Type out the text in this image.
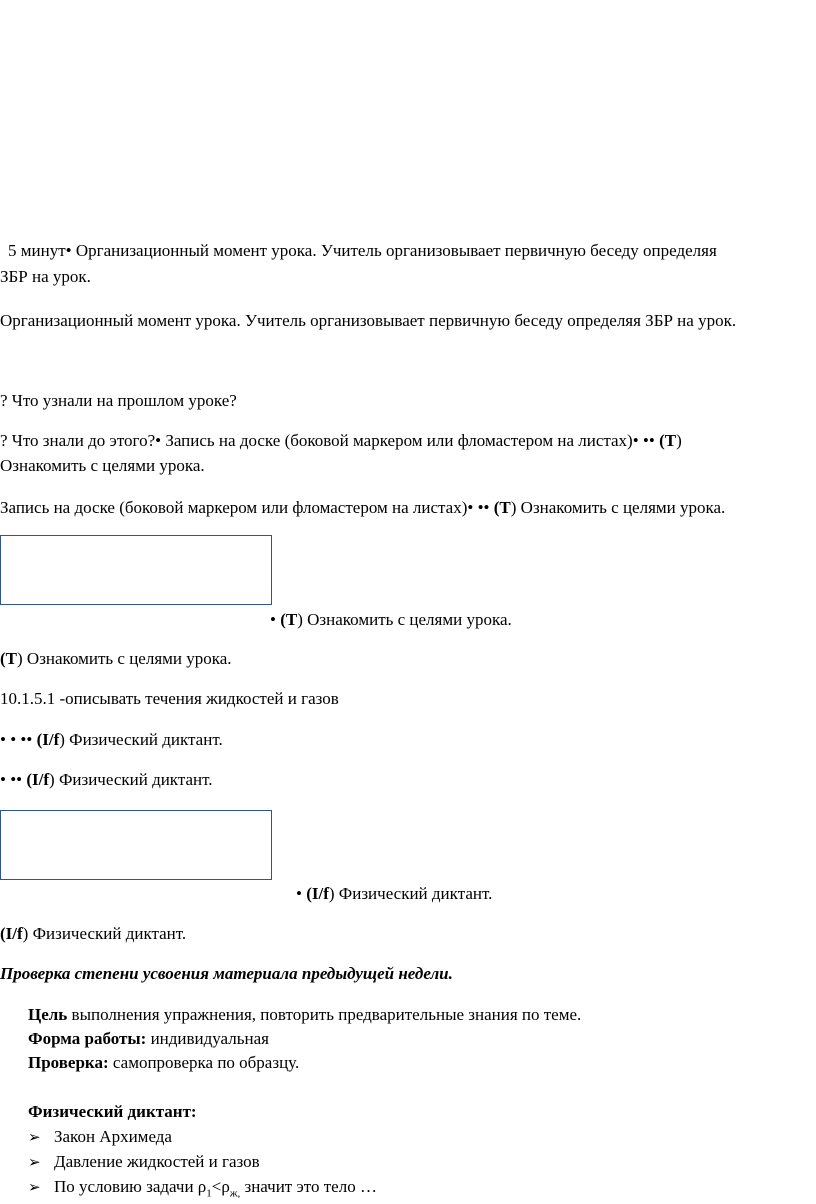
5 минут• Организационный момент урока. Учитель организовывает первичную беседу определяя
ЗБР на урок.
Организационный момент урока. Учитель организовывает первичную беседу определяя ЗБР на урок.
? Что узнали на прошлом уроке?
? Что знали до этого?• Запись на доске (боковой маркером или фломастером на листах)• •• (Т)
Ознакомить с целями урока.
Запись на доске (боковой маркером или фломастером на листах)• •• (Т) Ознакомить с целями урока.
• (Т) Ознакомить с целями урока.
(Т) Ознакомить с целями урока.
10.1.5.1 -описывать течения жидкостей и газов
• • •• (I/f) Физический диктант.
• •• (I/f) Физический диктант.
• (I/f) Физический диктант.
(I/f) Физический диктант.
Проверка степени усвоения материала предыдущей недели.
Цель выполнения упражнения, повторить предварительные знания по теме.
Форма работы: индивидуальная
Проверка: самопроверка по образцу.
Физический диктант:
➢ Закон Архимеда
➢ Давление жидкостей и газов
➢ По условию задачи $\rho_1<\rho_{ж,}$ значит это тело …
